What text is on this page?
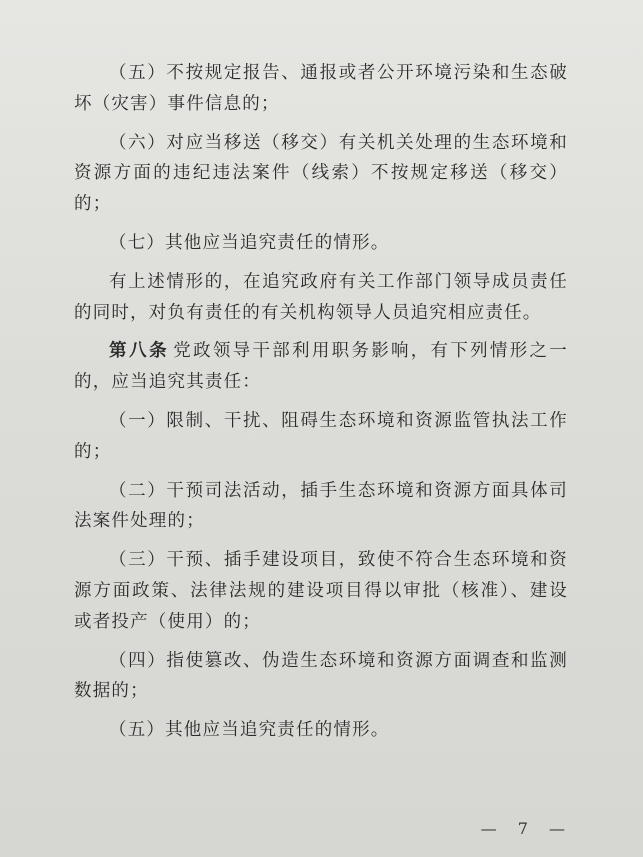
（五）不按规定报告、通报或者公开环境污染和生态破坏（灾害）事件信息的；

（六）对应当移送（移交）有关机关处理的生态环境和资源方面的违纪违法案件（线索）不按规定移送（移交）的；

（七）其他应当追究责任的情形。

有上述情形的，在追究政府有关工作部门领导成员责任的同时，对负有责任的有关机构领导人员追究相应责任。

第八条 党政领导干部利用职务影响，有下列情形之一的，应当追究其责任：

（一）限制、干扰、阻碍生态环境和资源监管执法工作的；

（二）干预司法活动，插手生态环境和资源方面具体司法案件处理的；

（三）干预、插手建设项目，致使不符合生态环境和资源方面政策、法律法规的建设项目得以审批（核准）、建设或者投产（使用）的；

（四）指使篡改、伪造生态环境和资源方面调查和监测数据的；

（五）其他应当追究责任的情形。

— 7 —
